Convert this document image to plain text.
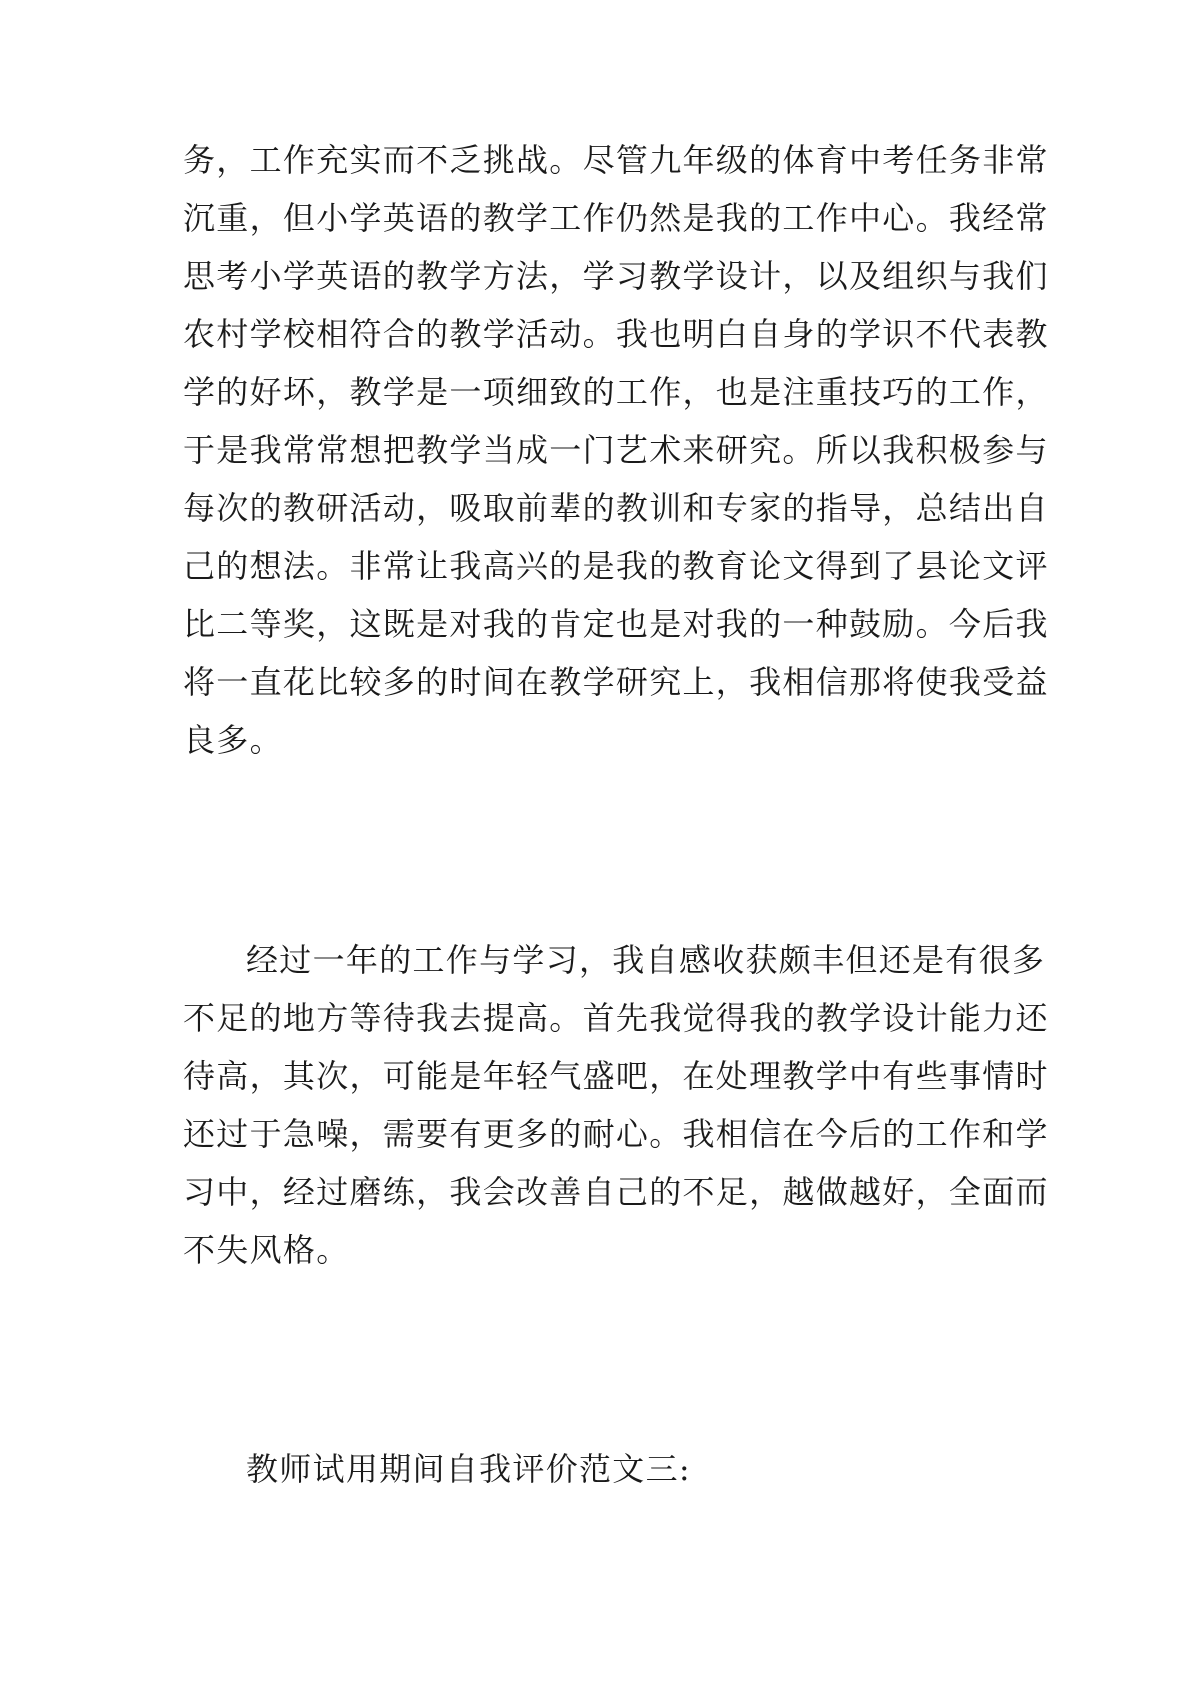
务，工作充实而不乏挑战。尽管九年级的体育中考任务非常
沉重，但小学英语的教学工作仍然是我的工作中心。我经常
思考小学英语的教学方法，学习教学设计，以及组织与我们
农村学校相符合的教学活动。我也明白自身的学识不代表教
学的好坏，教学是一项细致的工作，也是注重技巧的工作，
于是我常常想把教学当成一门艺术来研究。所以我积极参与
每次的教研活动，吸取前辈的教训和专家的指导，总结出自
己的想法。非常让我高兴的是我的教育论文得到了县论文评
比二等奖，这既是对我的肯定也是对我的一种鼓励。今后我
将一直花比较多的时间在教学研究上，我相信那将使我受益
良多。
经过一年的工作与学习，我自感收获颇丰但还是有很多
不足的地方等待我去提高。首先我觉得我的教学设计能力还
待高，其次，可能是年轻气盛吧，在处理教学中有些事情时
还过于急噪，需要有更多的耐心。我相信在今后的工作和学
习中，经过磨练，我会改善自己的不足，越做越好，全面而
不失风格。
教师试用期间自我评价范文三:
